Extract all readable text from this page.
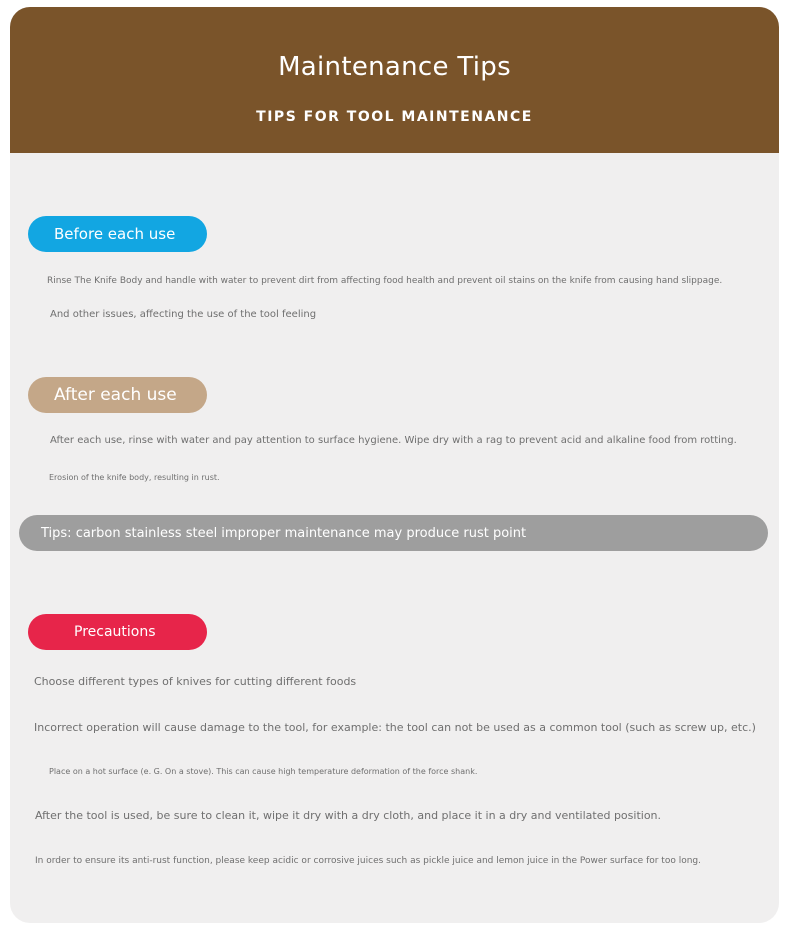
Maintenance Tips
TIPS FOR TOOL MAINTENANCE
Before each use
Rinse The Knife Body and handle with water to prevent dirt from affecting food health and prevent oil stains on the knife from causing hand slippage.
And other issues, affecting the use of the tool feeling
After each use
After each use, rinse with water and pay attention to surface hygiene. Wipe dry with a rag to prevent acid and alkaline food from rotting.
Erosion of the knife body, resulting in rust.
Tips: carbon stainless steel improper maintenance may produce rust point
Precautions
Choose different types of knives for cutting different foods
Incorrect operation will cause damage to the tool, for example: the tool can not be used as a common tool (such as screw up, etc.)
Place on a hot surface (e. G. On a stove). This can cause high temperature deformation of the force shank.
After the tool is used, be sure to clean it, wipe it dry with a dry cloth, and place it in a dry and ventilated position.
In order to ensure its anti-rust function, please keep acidic or corrosive juices such as pickle juice and lemon juice in the Power surface for too long.
